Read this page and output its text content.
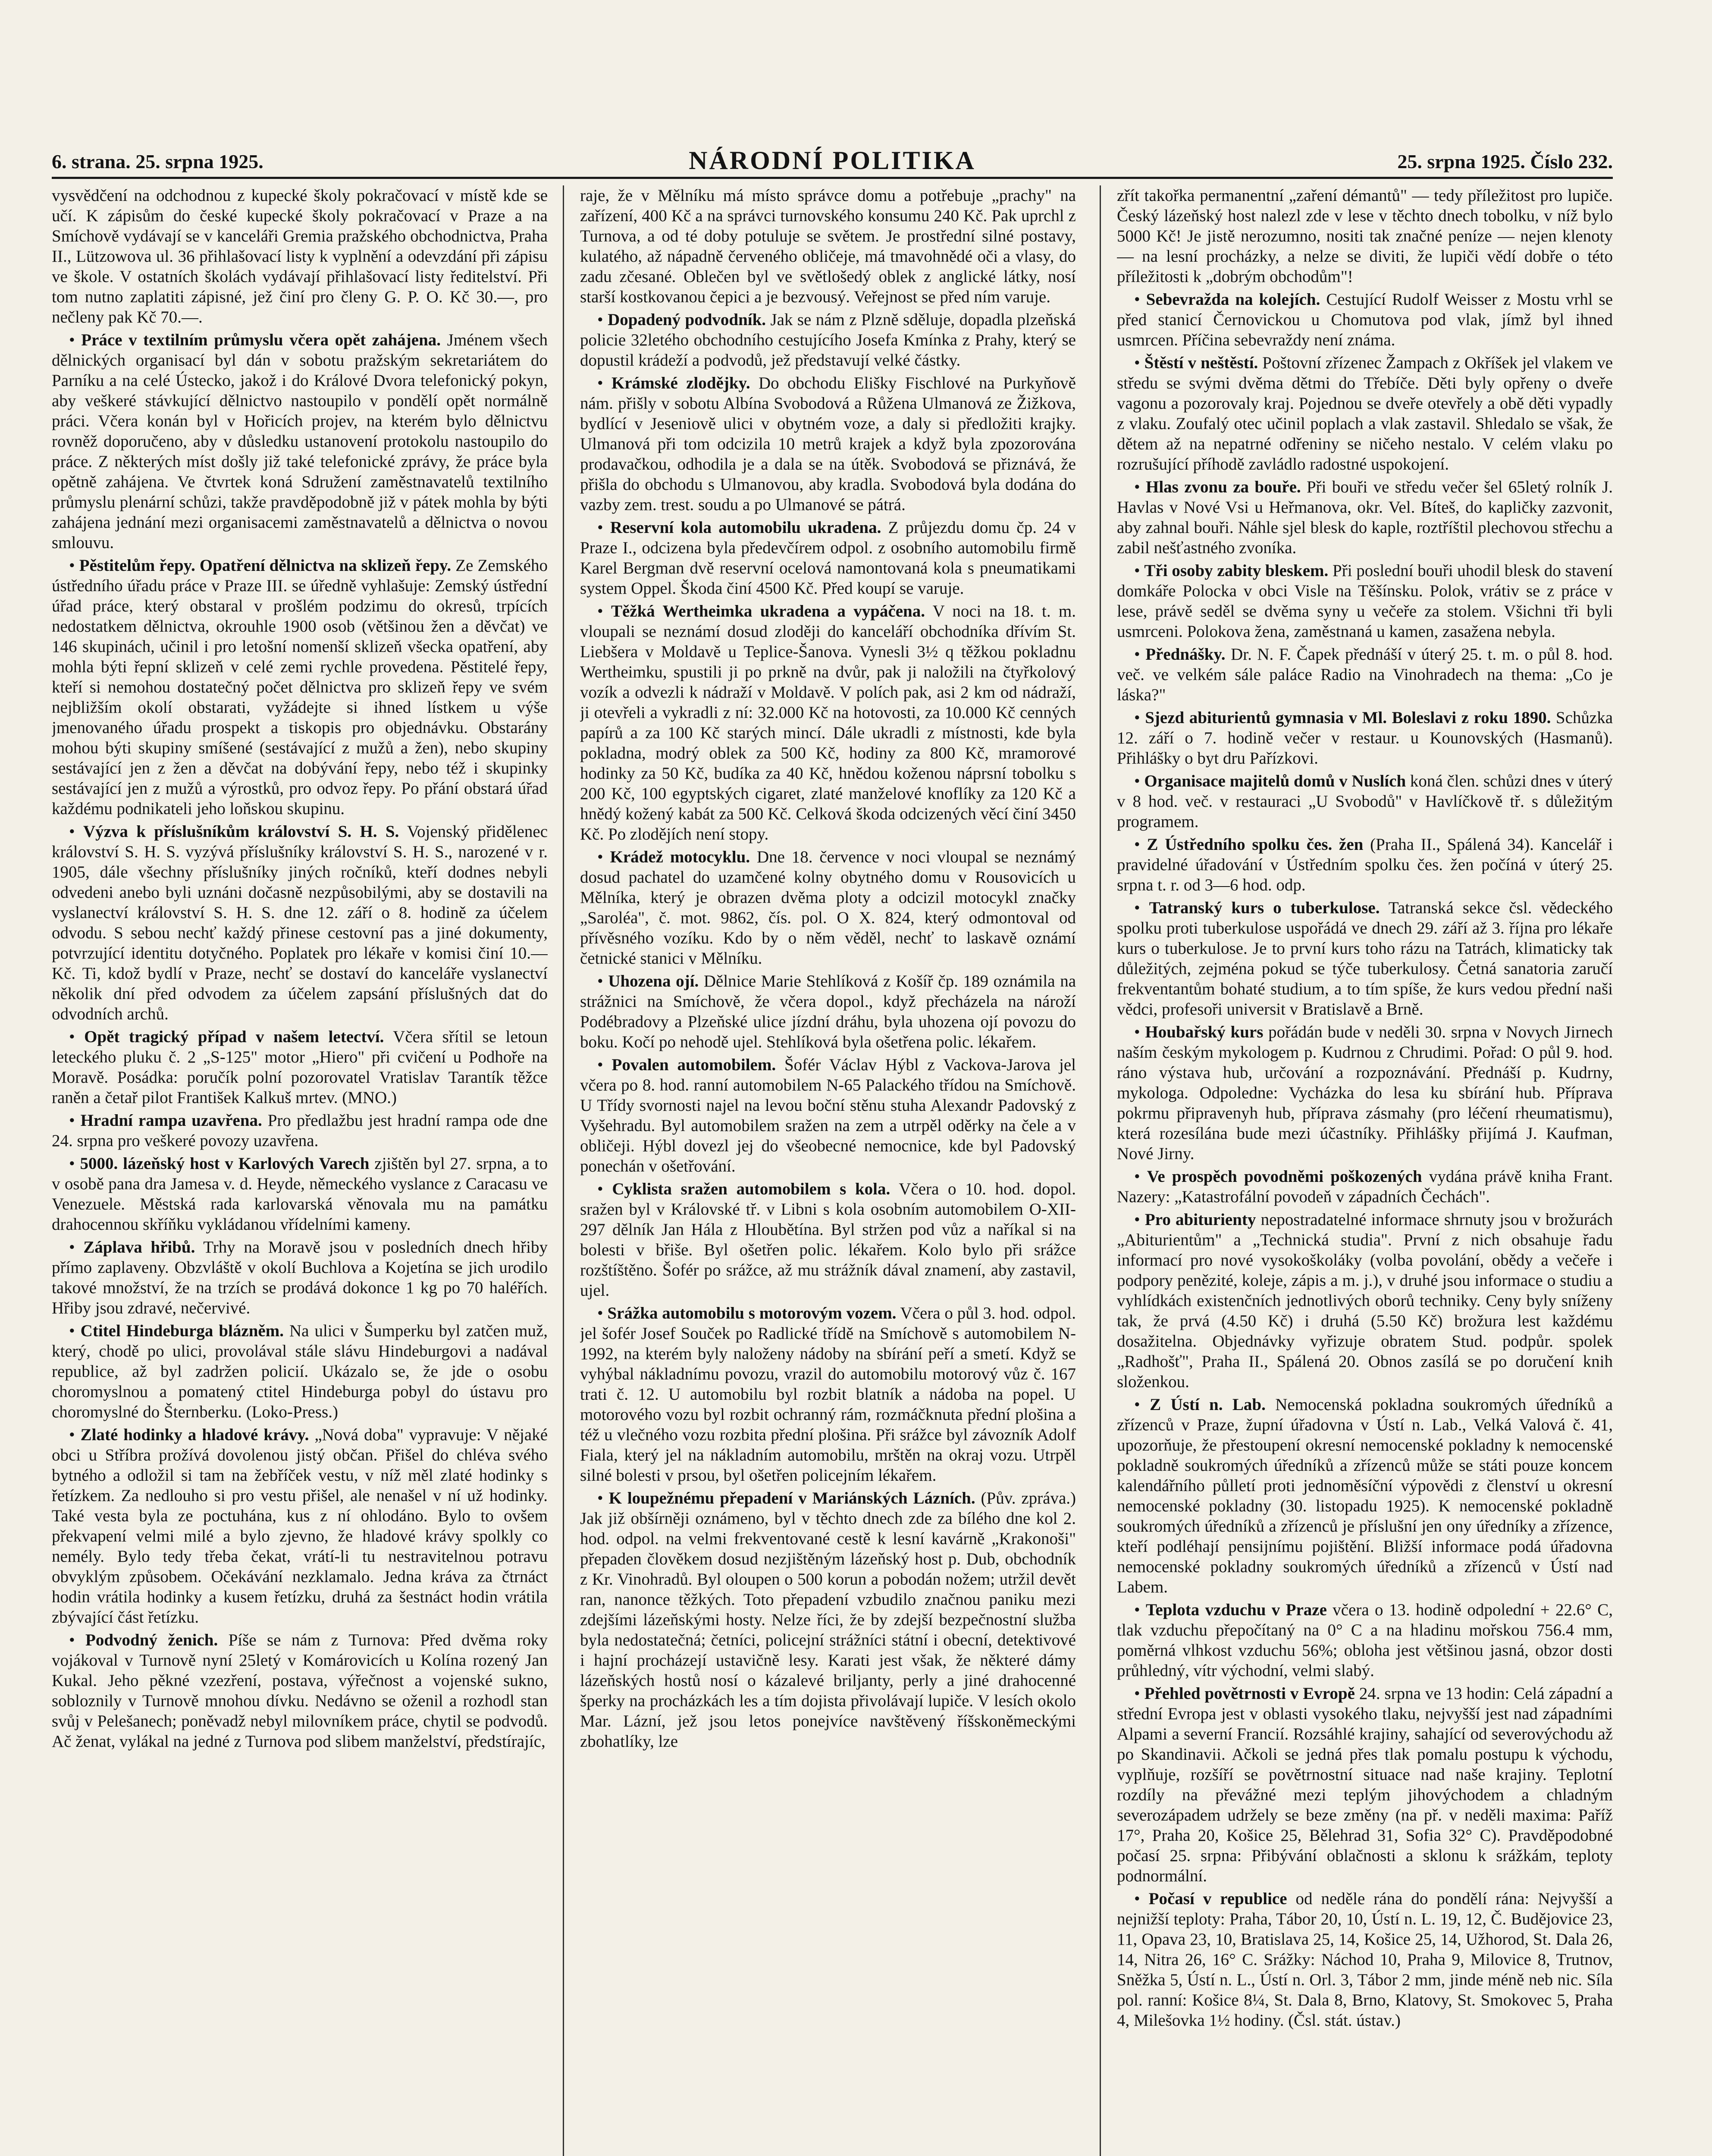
6. strana. 25. srpna 1925.	NÁRODNÍ POLITIKA	25. srpna 1925. Číslo 232.

vysvědčení na odchodnou z kupecké školy pokračovací v místě kde se učí. K zápisům do české kupecké školy pokračovací v Praze a na Smíchově vydávají se v kanceláři Gremia pražského obchodnictva, Praha II., Lützowova ul. 36 přihlašovací listy k vyplnění a odevzdání při zápisu ve škole. V ostatních školách vydávají přihlašovací listy ředitelství. Při tom nutno zaplatiti zápisné, jež činí pro členy G. P. O. Kč 30.—, pro nečleny pak Kč 70.—.

• Práce v textilním průmyslu včera opět zahájena. Jménem všech dělnických organisací byl dán v sobotu pražským sekretariátem do Parníku a na celé Ústecko, jakož i do Králové Dvora telefonický pokyn, aby veškeré stávkující dělnictvo nastoupilo v pondělí opět normálně práci. Včera konán byl v Hořicích projev, na kterém bylo dělnictvu rovněž doporučeno, aby v důsledku ustanovení protokolu nastoupilo do práce. Z některých míst došly již také telefonické zprávy, že práce byla opětně zahájena. Ve čtvrtek koná Sdružení zaměstnavatelů textilního průmyslu plenární schůzi, takže pravděpodobně již v pátek mohla by býti zahájena jednání mezi organisacemi zaměstnavatelů a dělnictva o novou smlouvu.

• Pěstitelům řepy. Opatření dělnictva na sklizeň řepy. Ze Zemského ústředního úřadu práce v Praze III. se úředně vyhlašuje: Zemský ústřední úřad práce, který obstaral v prošlém podzimu do okresů, trpících nedostatkem dělnictva, okrouhle 1900 osob (většinou žen a děvčat) ve 146 skupinách, učinil i pro letošní nomenší sklizeň všecka opatření, aby mohla býti řepní sklizeň v celé zemi rychle provedena. Pěstitelé řepy, kteří si nemohou dostatečný počet dělnictva pro sklizeň řepy ve svém nejbližším okolí obstarati, vyžádejte si ihned lístkem u výše jmenovaného úřadu prospekt a tiskopis pro objednávku. Obstarány mohou býti skupiny smíšené (sestávající z mužů a žen), nebo skupiny sestávající jen z žen a děvčat na dobývání řepy, nebo též i skupinky sestávající jen z mužů a výrostků, pro odvoz řepy. Po přání obstará úřad každému podnikateli jeho loňskou skupinu.

• Výzva k příslušníkům království S. H. S. Vojenský přidělenec království S. H. S. vyzývá příslušníky království S. H. S., narozené v r. 1905, dále všechny příslušníky jiných ročníků, kteří dodnes nebyli odvedeni anebo byli uznáni dočasně nezpůsobilými, aby se dostavili na vyslanectví království S. H. S. dne 12. září o 8. hodině za účelem odvodu. S sebou nechť každý přinese cestovní pas a jiné dokumenty, potvrzující identitu dotyčného. Poplatek pro lékaře v komisi činí 10.— Kč. Ti, kdož bydlí v Praze, nechť se dostaví do kanceláře vyslanectví několik dní před odvodem za účelem zapsání příslušných dat do odvodních archů.

• Opět tragický případ v našem letectví. Včera sřítil se letoun leteckého pluku č. 2 „S-125" motor „Hiero" při cvičení u Podhoře na Moravě. Posádka: poručík polní pozorovatel Vratislav Tarantík těžce raněn a četař pilot František Kalkuš mrtev. (MNO.)

• Hradní rampa uzavřena. Pro předlažbu jest hradní rampa ode dne 24. srpna pro veškeré povozy uzavřena.

• 5000. lázeňský host v Karlových Varech zjištěn byl 27. srpna, a to v osobě pana dra Jamesa v. d. Heyde, německého vyslance z Caracasu ve Venezuele. Městská rada karlovarská věnovala mu na památku drahocennou skříňku vykládanou vřídelními kameny.

• Záplava hřibů. Trhy na Moravě jsou v posledních dnech hřiby přímo zaplaveny. Obzvláště v okolí Buchlova a Kojetína se jich urodilo takové množství, že na trzích se prodává dokonce 1 kg po 70 haléřích. Hřiby jsou zdravé, nečervivé.

• Ctitel Hindeburga blázněm. Na ulici v Šumperku byl zatčen muž, který, chodě po ulici, provolával stále slávu Hindeburgovi a nadával republice, až byl zadržen policií. Ukázalo se, že jde o osobu choromyslnou a pomatený ctitel Hindeburga pobyl do ústavu pro choromyslné do Šternberku. (Loko-Press.)

• Zlaté hodinky a hladové krávy. „Nová doba" vypravuje: V nějaké obci u Stříbra prožívá dovolenou jistý občan. Přišel do chléva svého bytného a odložil si tam na žebříček vestu, v níž měl zlaté hodinky s řetízkem. Za nedlouho si pro vestu přišel, ale nenašel v ní už hodinky. Také vesta byla ze poctuhána, kus z ní ohlodáno. Bylo to ovšem překvapení velmi milé a bylo zjevno, že hladové krávy spolkly co nemély. Bylo tedy třeba čekat, vrátí-li tu nestravitelnou potravu obvyklým způsobem. Očekávání nezklamalo. Jedna kráva za čtrnáct hodin vrátila hodinky a kusem řetízku, druhá za šestnáct hodin vrátila zbývající část řetízku.

• Podvodný ženich. Píše se nám z Turnova: Před dvěma roky vojákoval v Turnově nyní 25letý v Komárovicích u Kolína rozený Jan Kukal. Jeho pěkné vzezření, postava, výřečnost a vojenské sukno, sobloznily v Turnově mnohou dívku. Nedávno se oženil a rozhodl stan svůj v Pelešanech; poněvadž nebyl milovníkem práce, chytil se podvodů. Ač ženat, vylákal na jedné z Turnova pod slibem manželství, předstírajíc,

raje, že v Mělníku má místo správce domu a potřebuje „prachy" na zařízení, 400 Kč a na správci turnovského konsumu 240 Kč. Pak uprchl z Turnova, a od té doby potuluje se světem. Je prostřední silné postavy, kulatého, až nápadně červeného obličeje, má tmavohnědé oči a vlasy, do zadu zčesané. Oblečen byl ve světlošedý oblek z anglické látky, nosí starší kostkovanou čepici a je bezvousý. Veřejnost se před ním varuje.

• Dopadený podvodník. Jak se nám z Plzně sděluje, dopadla plzeňská policie 32letého obchodního cestujícího Josefa Kmínka z Prahy, který se dopustil krádeží a podvodů, jež představují velké částky.

• Krámské zlodějky. Do obchodu Elišky Fischlové na Purkyňově nám. přišly v sobotu Albína Svobodová a Růžena Ulmanová ze Žižkova, bydlící v Jeseniově ulici v obytném voze, a daly si předložiti krajky. Ulmanová při tom odcizila 10 metrů krajek a když byla zpozorována prodavačkou, odhodila je a dala se na útěk. Svobodová se přiznává, že přišla do obchodu s Ulmanovou, aby kradla. Svobodová byla dodána do vazby zem. trest. soudu a po Ulmanové se pátrá.

• Reservní kola automobilu ukradena. Z průjezdu domu čp. 24 v Praze I., odcizena byla předevčírem odpol. z osobního automobilu firmě Karel Bergman dvě reservní ocelová namontovaná kola s pneumatikami system Oppel. Škoda činí 4500 Kč. Před koupí se varuje.

• Těžká Wertheimka ukradena a vypáčena. V noci na 18. t. m. vloupali se neznámí dosud zloději do kanceláří obchodníka dřívím St. Liebšera v Moldavě u Teplice-Šanova. Vynesli 3½ q těžkou pokladnu Wertheimku, spustili ji po prkně na dvůr, pak ji naložili na čtyřkolový vozík a odvezli k nádraží v Moldavě. V polích pak, asi 2 km od nádraží, ji otevřeli a vykradli z ní: 32.000 Kč na hotovosti, za 10.000 Kč cenných papírů a za 100 Kč starých mincí. Dále ukradli z místnosti, kde byla pokladna, modrý oblek za 500 Kč, hodiny za 800 Kč, mramorové hodinky za 50 Kč, budíka za 40 Kč, hnědou koženou náprsní tobolku s 200 Kč, 100 egyptských cigaret, zlaté manželové knoflíky za 120 Kč a hnědý kožený kabát za 500 Kč. Celková škoda odcizených věcí činí 3450 Kč. Po zlodějích není stopy.

• Krádež motocyklu. Dne 18. července v noci vloupal se neznámý dosud pachatel do uzamčené kolny obytného domu v Rousovicích u Mělníka, který je obrazen dvěma ploty a odcizil motocykl značky „Saroléa", č. mot. 9862, čís. pol. O X. 824, který odmontoval od přívěsného vozíku. Kdo by o něm věděl, nechť to laskavě oznámí četnické stanici v Mělníku.

• Uhozena ojí. Dělnice Marie Stehlíková z Košíř čp. 189 oznámila na strážnici na Smíchově, že včera dopol., když přecházela na nároží Podébradovy a Plzeňské ulice jízdní dráhu, byla uhozena ojí povozu do boku. Kočí po nehodě ujel. Stehlíková byla ošetřena polic. lékařem.

• Povalen automobilem. Šofér Václav Hýbl z Vackova-Jarova jel včera po 8. hod. ranní automobilem N-65 Palackého třídou na Smíchově. U Třídy svornosti najel na levou boční stěnu stuha Alexandr Padovský z Vyšehradu. Byl automobilem sražen na zem a utrpěl oděrky na čele a v obličeji. Hýbl dovezl jej do všeobecné nemocnice, kde byl Padovský ponechán v ošetřování.

• Cyklista sražen automobilem s kola. Včera o 10. hod. dopol. sražen byl v Královské tř. v Libni s kola osobním automobilem O-XII-297 dělník Jan Hála z Hloubětína. Byl stržen pod vůz a naříkal si na bolesti v břiše. Byl ošetřen polic. lékařem. Kolo bylo při srážce rozštíštěno. Šofér po srážce, až mu strážník dával znamení, aby zastavil, ujel.

• Srážka automobilu s motorovým vozem. Včera o půl 3. hod. odpol. jel šofér Josef Souček po Radlické třídě na Smíchově s automobilem N-1992, na kterém byly naloženy nádoby na sbírání peří a smetí. Když se vyhýbal nákladnímu povozu, vrazil do automobilu motorový vůz č. 167 trati č. 12. U automobilu byl rozbit blatník a nádoba na popel. U motorového vozu byl rozbit ochranný rám, rozmáčknuta přední plošina a též u vlečného vozu rozbita přední plošina. Při srážce byl závozník Adolf Fiala, který jel na nákladním automobilu, mrštěn na okraj vozu. Utrpěl silné bolesti v prsou, byl ošetřen policejním lékařem.

• K loupežnému přepadení v Mariánských Lázních. (Pův. zpráva.) Jak již obšírněji oznámeno, byl v těchto dnech zde za bílého dne kol 2. hod. odpol. na velmi frekventované cestě k lesní kavárně „Krakonoši" přepaden člověkem dosud nezjištěným lázeňský host p. Dub, obchodník z Kr. Vinohradů. Byl oloupen o 500 korun a pobodán nožem; utržil devět ran, nanonce těžkých. Toto přepadení vzbudilo značnou paniku mezi zdejšími lázeňskými hosty. Nelze říci, že by zdejší bezpečnostní služba byla nedostatečná; četníci, policejní strážníci státní i obecní, detektivové i hajní procházejí ustavičně lesy. Karati jest však, že některé dámy lázeňských hostů nosí o kázalevé briljanty, perly a jiné drahocenné šperky na procházkách les a tím dojista přivolávají lupiče. V lesích okolo Mar. Lázní, jež jsou letos ponejvíce navštěvený říšskoněmeckými zbohatlíky, lze

zřít takořka permanentní „zaření démantů" — tedy příležitost pro lupiče. Český lázeňský host nalezl zde v lese v těchto dnech tobolku, v níž bylo 5000 Kč! Je jistě nerozumno, nositi tak značné peníze — nejen klenoty — na lesní procházky, a nelze se diviti, že lupiči vědí dobře o této příležitosti k „dobrým obchodům"!

• Sebevražda na kolejích. Cestující Rudolf Weisser z Mostu vrhl se před stanicí Černovickou u Chomutova pod vlak, jímž byl ihned usmrcen. Příčina sebevraždy není známa.

• Štěstí v neštěstí. Poštovní zřízenec Žampach z Okříšek jel vlakem ve středu se svými dvěma dětmi do Třebíče. Děti byly opřeny o dveře vagonu a pozorovaly kraj. Pojednou se dveře otevřely a obě děti vypadly z vlaku. Zoufalý otec učinil poplach a vlak zastavil. Shledalo se však, že dětem až na nepatrné odřeniny se ničeho nestalo. V celém vlaku po rozrušující příhodě zavládlo radostné uspokojení.

• Hlas zvonu za bouře. Při bouři ve středu večer šel 65letý rolník J. Havlas v Nové Vsi u Heřmanova, okr. Vel. Bíteš, do kapličky zazvonit, aby zahnal bouři. Náhle sjel blesk do kaple, roztříštil plechovou střechu a zabil nešťastného zvoníka.

• Tři osoby zabity bleskem. Při poslední bouři uhodil blesk do stavení domkáře Polocka v obci Visle na Těšínsku. Polok, vrátiv se z práce v lese, právě seděl se dvěma syny u večeře za stolem. Všichni tři byli usmrceni. Polokova žena, zaměstnaná u kamen, zasažena nebyla.

• Přednášky. Dr. N. F. Čapek přednáší v úterý 25. t. m. o půl 8. hod. več. ve velkém sále paláce Radio na Vinohradech na thema: „Co je láska?"

• Sjezd abiturientů gymnasia v Ml. Boleslavi z roku 1890. Schůzka 12. září o 7. hodině večer v restaur. u Kounovských (Hasmanů). Přihlášky o byt dru Pařízkovi.

• Organisace majitelů domů v Nuslích koná člen. schůzi dnes v úterý v 8 hod. več. v restauraci „U Svobodů" v Havlíčkově tř. s důležitým programem.

• Z Ústředního spolku čes. žen (Praha II., Spálená 34). Kancelář i pravidelné úřadování v Ústředním spolku čes. žen počíná v úterý 25. srpna t. r. od 3—6 hod. odp.

• Tatranský kurs o tuberkulose. Tatranská sekce čsl. vědeckého spolku proti tuberkulose uspořádá ve dnech 29. září až 3. října pro lékaře kurs o tuberkulose. Je to první kurs toho rázu na Tatrách, klimaticky tak důležitých, zejména pokud se týče tuberkulosy. Četná sanatoria zaručí frekventantům bohaté studium, a to tím spíše, že kurs vedou přední naši vědci, profesoři universit v Bratislavě a Brně.

• Houbařský kurs pořádán bude v neděli 30. srpna v Novych Jirnech naším českým mykologem p. Kudrnou z Chrudimi. Pořad: O půl 9. hod. ráno výstava hub, určování a rozpoznávání. Přednáší p. Kudrny, mykologa. Odpoledne: Vycházka do lesa ku sbírání hub. Příprava pokrmu připravenyh hub, příprava zásmahy (pro léčení rheumatismu), která rozesílána bude mezi účastníky. Přihlášky přijímá J. Kaufman, Nové Jirny.

• Ve prospěch povodněmi poškozených vydána právě kniha Frant. Nazery: „Katastrofální povodeň v západních Čechách".

• Pro abiturienty nepostradatelné informace shrnuty jsou v brožurách „Abiturientům" a „Technická studia". První z nich obsahuje řadu informací pro nové vysokoškoláky (volba povolání, obědy a večeře i podpory penězité, koleje, zápis a m. j.), v druhé jsou informace o studiu a vyhlídkách existenčních jednotlivých oborů techniky. Ceny byly sníženy tak, že prvá (4.50 Kč) i druhá (5.50 Kč) brožura lest každému dosažitelna. Objednávky vyřizuje obratem Stud. podpůr. spolek „Radhošť", Praha II., Spálená 20. Obnos zasílá se po doručení knih složenkou.

• Z Ústí n. Lab. Nemocenská pokladna soukromých úředníků a zřízenců v Praze, župní úřadovna v Ústí n. Lab., Velká Valová č. 41, upozorňuje, že přestoupení okresní nemocenské pokladny k nemocenské pokladně soukromých úředníků a zřízenců může se státi pouze koncem kalendářního půlletí proti jednoměsíční výpovědi z členství u okresní nemocenské pokladny (30. listopadu 1925). K nemocenské pokladně soukromých úředníků a zřízenců je příslušní jen ony úředníky a zřízence, kteří podléhají pensijnímu pojištění. Bližší informace podá úřadovna nemocenské pokladny soukromých úředníků a zřízenců v Ústí nad Labem.

• Teplota vzduchu v Praze včera o 13. hodině odpolední + 22.6° C, tlak vzduchu přepočítaný na 0° C a na hladinu mořskou 756.4 mm, poměrná vlhkost vzduchu 56%; obloha jest většinou jasná, obzor dosti průhledný, vítr východní, velmi slabý.

• Přehled povětrnosti v Evropě 24. srpna ve 13 hodin: Celá západní a střední Evropa jest v oblasti vysokého tlaku, nejvyšší jest nad západními Alpami a severní Francií. Rozsáhlé krajiny, sahající od severovýchodu až po Skandinavii. Ačkoli se jedná přes tlak pomalu postupu k východu, vyplňuje, rozšíří se povětrnostní situace nad naše krajiny. Teplotní rozdíly na převážné mezi teplým jihovýchodem a chladným severozápadem udržely se beze změny (na př. v neděli maxima: Paříž 17°, Praha 20, Košice 25, Bělehrad 31, Sofia 32° C). Pravděpodobné počasí 25. srpna: Přibývání oblačnosti a sklonu k srážkám, teploty podnormální.

• Počasí v republice od neděle rána do pondělí rána: Nejvyšší a nejnižší teploty: Praha, Tábor 20, 10, Ústí n. L. 19, 12, Č. Budějovice 23, 11, Opava 23, 10, Bratislava 25, 14, Košice 25, 14, Užhorod, St. Dala 26, 14, Nitra 26, 16° C. Srážky: Náchod 10, Praha 9, Milovice 8, Trutnov, Sněžka 5, Ústí n. L., Ústí n. Orl. 3, Tábor 2 mm, jinde méně neb nic. Síla pol. ranní: Košice 8¼, St. Dala 8, Brno, Klatovy, St. Smokovec 5, Praha 4, Milešovka 1½ hodiny. (Čsl. stát. ústav.)
